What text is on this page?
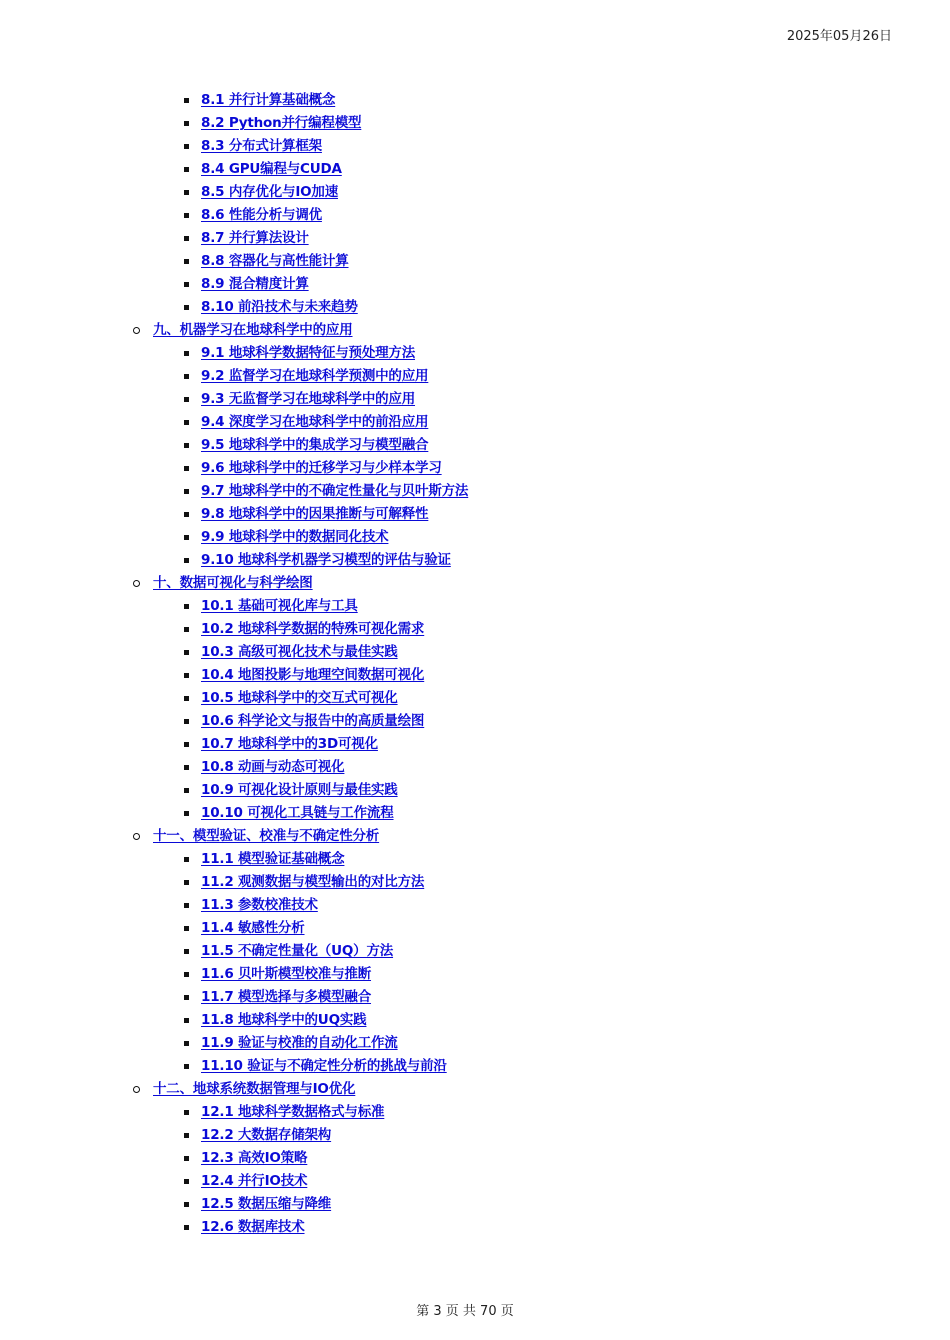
2025年05月26日
8.1 并行计算基础概念
8.2 Python并行编程模型
8.3 分布式计算框架
8.4 GPU编程与CUDA
8.5 内存优化与IO加速
8.6 性能分析与调优
8.7 并行算法设计
8.8 容器化与高性能计算
8.9 混合精度计算
8.10 前沿技术与未来趋势
九、机器学习在地球科学中的应用
9.1 地球科学数据特征与预处理方法
9.2 监督学习在地球科学预测中的应用
9.3 无监督学习在地球科学中的应用
9.4 深度学习在地球科学中的前沿应用
9.5 地球科学中的集成学习与模型融合
9.6 地球科学中的迁移学习与少样本学习
9.7 地球科学中的不确定性量化与贝叶斯方法
9.8 地球科学中的因果推断与可解释性
9.9 地球科学中的数据同化技术
9.10 地球科学机器学习模型的评估与验证
十、数据可视化与科学绘图
10.1 基础可视化库与工具
10.2 地球科学数据的特殊可视化需求
10.3 高级可视化技术与最佳实践
10.4 地图投影与地理空间数据可视化
10.5 地球科学中的交互式可视化
10.6 科学论文与报告中的高质量绘图
10.7 地球科学中的3D可视化
10.8 动画与动态可视化
10.9 可视化设计原则与最佳实践
10.10 可视化工具链与工作流程
十一、模型验证、校准与不确定性分析
11.1 模型验证基础概念
11.2 观测数据与模型输出的对比方法
11.3 参数校准技术
11.4 敏感性分析
11.5 不确定性量化（UQ）方法
11.6 贝叶斯模型校准与推断
11.7 模型选择与多模型融合
11.8 地球科学中的UQ实践
11.9 验证与校准的自动化工作流
11.10 验证与不确定性分析的挑战与前沿
十二、地球系统数据管理与IO优化
12.1 地球科学数据格式与标准
12.2 大数据存储架构
12.3 高效IO策略
12.4 并行IO技术
12.5 数据压缩与降维
12.6 数据库技术
第 3 页 共 70 页
